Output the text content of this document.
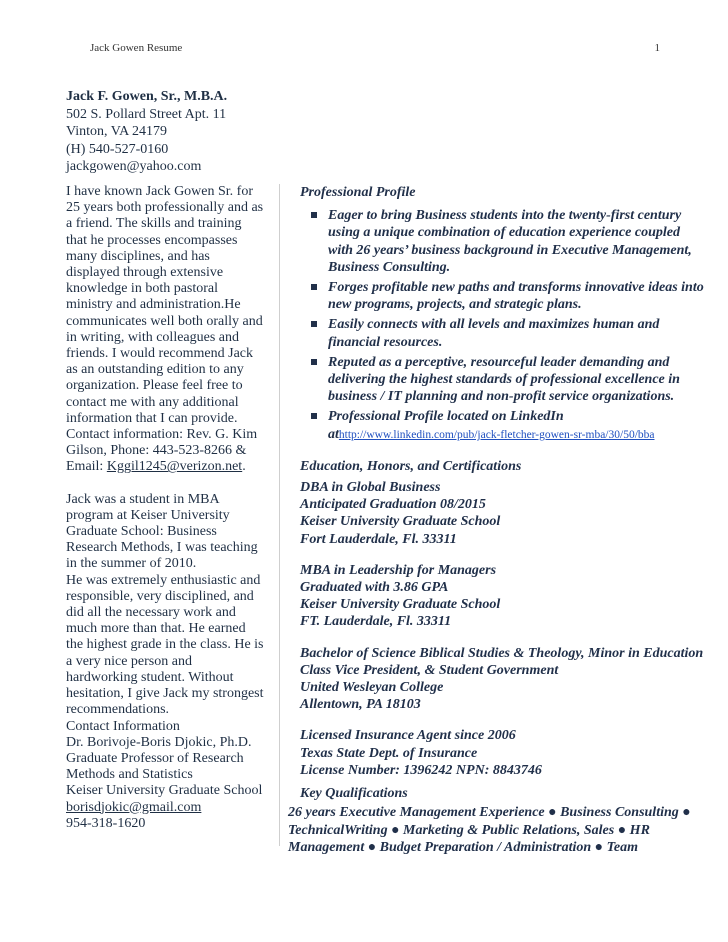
Jack Gowen Resume	1
Jack F. Gowen, Sr., M.B.A.
502 S. Pollard Street Apt. 11
Vinton, VA 24179
(H) 540-527-0160
jackgowen@yahoo.com

I have known Jack Gowen Sr. for
25 years both professionally and as
a friend. The skills and training
that he processes encompasses
many disciplines, and has
displayed through extensive
knowledge in both pastoral
ministry and administration.He
communicates well both orally and
in writing, with colleagues and
friends. I would recommend Jack
as an outstanding edition to any
organization. Please feel free to
contact me with any additional
information that I can provide.
Contact information: Rev. G. Kim
Gilson, Phone: 443-523-8266 &
Email: Kggil1245@verizon.net.

Jack was a student in MBA
program at Keiser University
Graduate School: Business
Research Methods, I was teaching
in the summer of 2010.
He was extremely enthusiastic and
responsible, very disciplined, and
did all the necessary work and
much more than that. He earned
the highest grade in the class. He is
a very nice person and
hardworking student. Without
hesitation, I give Jack my strongest
recommendations.
Contact Information
Dr. Borivoje-Boris Djokic, Ph.D.
Graduate Professor of Research
Methods and Statistics
Keiser University Graduate School
borisdjokic@gmail.com
954-318-1620

Professional Profile
Eager to bring Business students into the twenty-first century
using a unique combination of education experience coupled
with 26 years’ business background in Executive Management,
Business Consulting.
Forges profitable new paths and transforms innovative ideas into
new programs, projects, and strategic plans.
Easily connects with all levels and maximizes human and
financial resources.
Reputed as a perceptive, resourceful leader demanding and
delivering the highest standards of professional excellence in
business / IT planning and non-profit service organizations.
Professional Profile located on LinkedIn
athttp://www.linkedin.com/pub/jack-fletcher-gowen-sr-mba/30/50/bba
Education, Honors, and Certifications
DBA in Global Business
Anticipated Graduation 08/2015
Keiser University Graduate School
Fort Lauderdale, Fl. 33311
MBA in Leadership for Managers
Graduated with 3.86 GPA
Keiser University Graduate School
FT. Lauderdale, Fl. 33311
Bachelor of Science Biblical Studies & Theology, Minor in Education
Class Vice President, & Student Government
United Wesleyan College
Allentown, PA 18103
Licensed Insurance Agent since 2006
Texas State Dept. of Insurance
License Number: 1396242 NPN: 8843746
Key Qualifications
26 years Executive Management Experience ● Business Consulting ●
TechnicalWriting ● Marketing & Public Relations, Sales ● HR
Management ● Budget Preparation / Administration ● Team
